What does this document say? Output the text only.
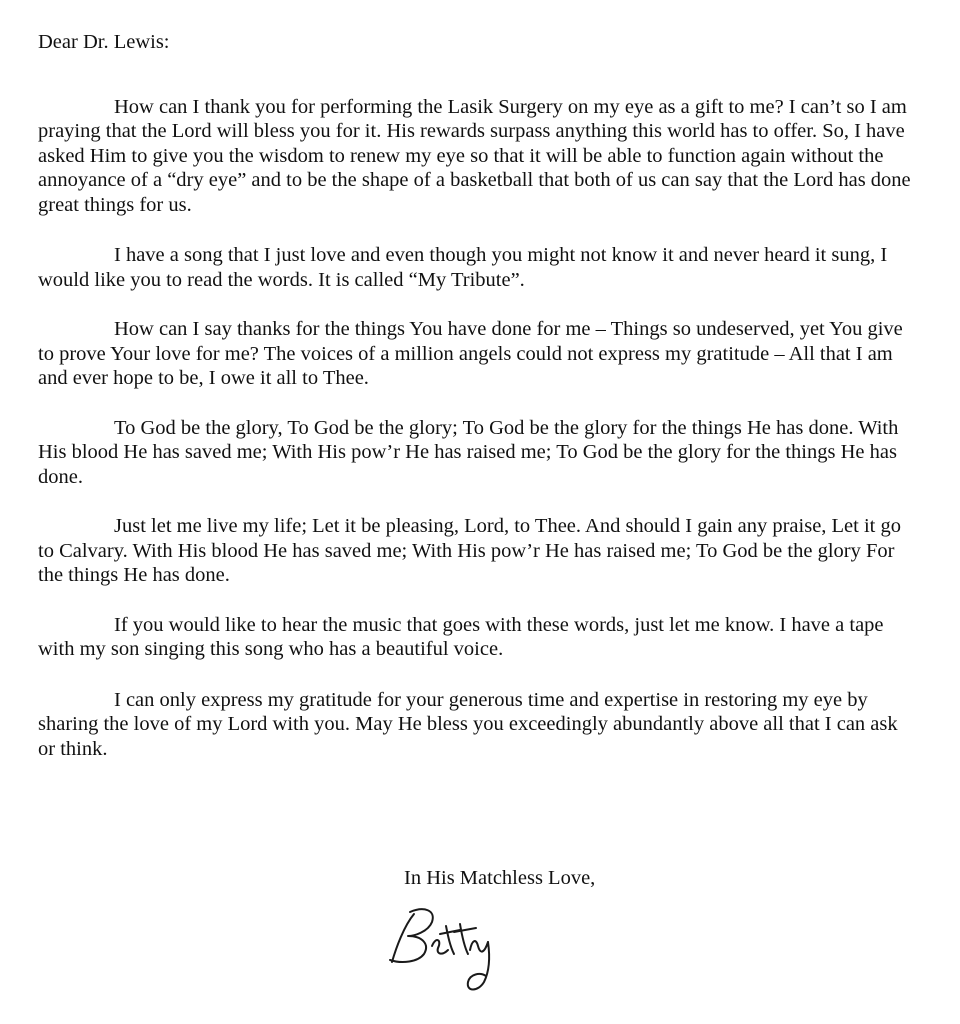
Dear Dr. Lewis:

How can I thank you for performing the Lasik Surgery on my eye as a gift to me? I can’t so I am praying that the Lord will bless you for it. His rewards surpass anything this world has to offer. So, I have asked Him to give you the wisdom to renew my eye so that it will be able to function again without the annoyance of a “dry eye” and to be the shape of a basketball that both of us can say that the Lord has done great things for us.

I have a song that I just love and even though you might not know it and never heard it sung, I would like you to read the words. It is called “My Tribute”.

How can I say thanks for the things You have done for me – Things so undeserved, yet You give to prove Your love for me? The voices of a million angels could not express my gratitude – All that I am and ever hope to be, I owe it all to Thee.

To God be the glory, To God be the glory; To God be the glory for the things He has done. With His blood He has saved me; With His pow’r He has raised me; To God be the glory for the things He has done.

Just let me live my life; Let it be pleasing, Lord, to Thee. And should I gain any praise, Let it go to Calvary. With His blood He has saved me; With His pow’r He has raised me; To God be the glory For the things He has done.

If you would like to hear the music that goes with these words, just let me know. I have a tape with my son singing this song who has a beautiful voice.

I can only express my gratitude for your generous time and expertise in restoring my eye by sharing the love of my Lord with you. May He bless you exceedingly abundantly above all that I can ask or think.

In His Matchless Love,
